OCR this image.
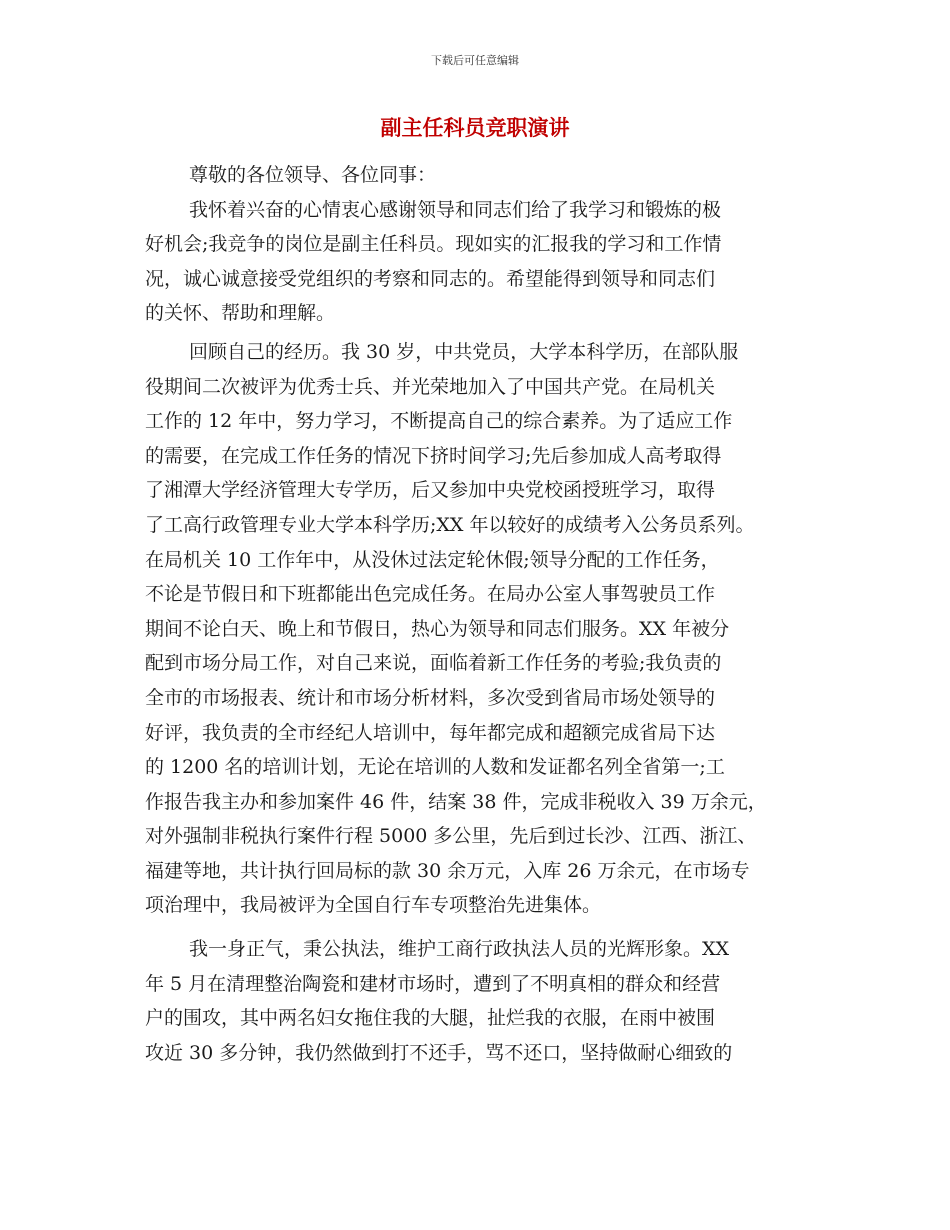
下载后可任意编辑
副主任科员竞职演讲
尊敬的各位领导、各位同事：
我怀着兴奋的心情衷心感谢领导和同志们给了我学习和锻炼的极
好机会;我竞争的岗位是副主任科员。现如实的汇报我的学习和工作情
况，诚心诚意接受党组织的考察和同志的。希望能得到领导和同志们
的关怀、帮助和理解。
回顾自己的经历。我 30 岁，中共党员，大学本科学历，在部队服
役期间二次被评为优秀士兵、并光荣地加入了中国共产党。在局机关
工作的 12 年中，努力学习，不断提高自己的综合素养。为了适应工作
的需要，在完成工作任务的情况下挤时间学习;先后参加成人高考取得
了湘潭大学经济管理大专学历，后又参加中央党校函授班学习，取得
了工高行政管理专业大学本科学历;XX 年以较好的成绩考入公务员系列。
在局机关 10 工作年中，从没休过法定轮休假;领导分配的工作任务，
不论是节假日和下班都能出色完成任务。在局办公室人事驾驶员工作
期间不论白天、晚上和节假日，热心为领导和同志们服务。XX 年被分
配到市场分局工作，对自己来说，面临着新工作任务的考验;我负责的
全市的市场报表、统计和市场分析材料，多次受到省局市场处领导的
好评，我负责的全市经纪人培训中，每年都完成和超额完成省局下达
的 1200 名的培训计划，无论在培训的人数和发证都名列全省第一;工
作报告我主办和参加案件 46 件，结案 38 件，完成非税收入 39 万余元，
对外强制非税执行案件行程 5000 多公里，先后到过长沙、江西、浙江、
福建等地，共计执行回局标的款 30 余万元，入库 26 万余元，在市场专
项治理中，我局被评为全国自行车专项整治先进集体。
我一身正气，秉公执法，维护工商行政执法人员的光辉形象。XX
年 5 月在清理整治陶瓷和建材市场时，遭到了不明真相的群众和经营
户的围攻，其中两名妇女拖住我的大腿，扯烂我的衣服，在雨中被围
攻近 30 多分钟，我仍然做到打不还手，骂不还口，坚持做耐心细致的
